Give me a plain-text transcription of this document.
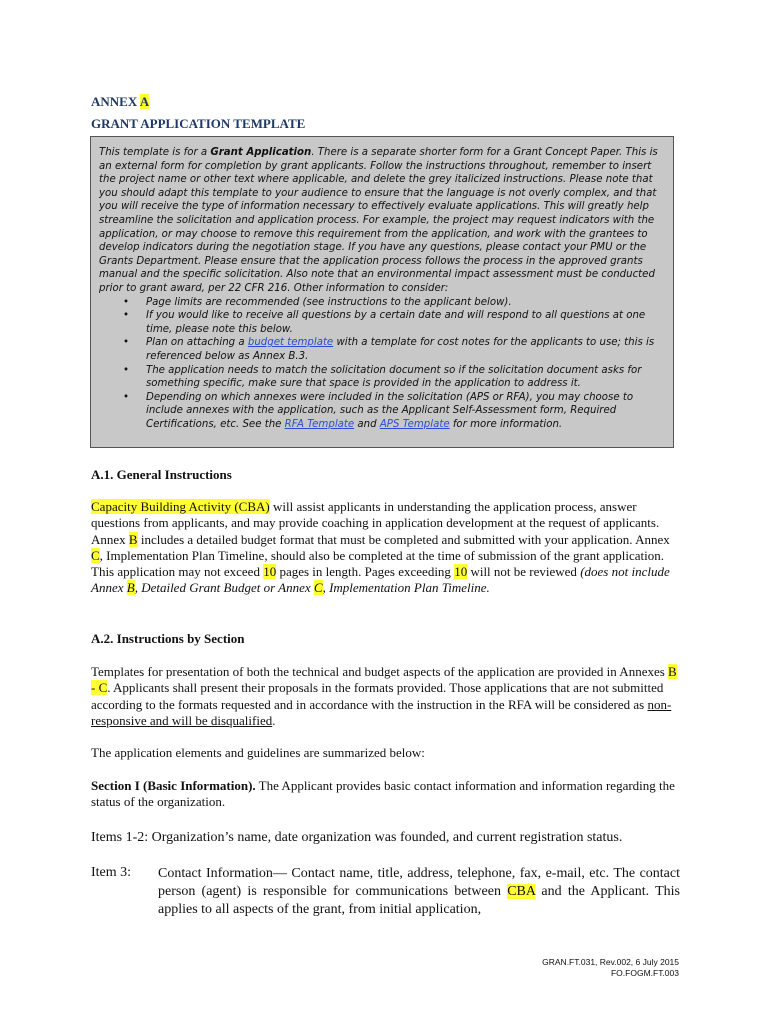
ANNEX A
GRANT APPLICATION TEMPLATE

This template is for a Grant Application. There is a separate shorter form for a Grant Concept Paper. This is an external form for completion by grant applicants. Follow the instructions throughout, remember to insert the project name or other text where applicable, and delete the grey italicized instructions. Please note that you should adapt this template to your audience to ensure that the language is not overly complex, and that you will receive the type of information necessary to effectively evaluate applications. This will greatly help streamline the solicitation and application process. For example, the project may request indicators with the application, or may choose to remove this requirement from the application, and work with the grantees to develop indicators during the negotiation stage. If you have any questions, please contact your PMU or the Grants Department. Please ensure that the application process follows the process in the approved grants manual and the specific solicitation. Also note that an environmental impact assessment must be conducted prior to grant award, per 22 CFR 216. Other information to consider:

• Page limits are recommended (see instructions to the applicant below).
• If you would like to receive all questions by a certain date and will respond to all questions at one time, please note this below.
• Plan on attaching a budget template with a template for cost notes for the applicants to use; this is referenced below as Annex B.3.
• The application needs to match the solicitation document so if the solicitation document asks for something specific, make sure that space is provided in the application to address it.
• Depending on which annexes were included in the solicitation (APS or RFA), you may choose to include annexes with the application, such as the Applicant Self-Assessment form, Required Certifications, etc. See the RFA Template and APS Template for more information.
A.1. General Instructions
Capacity Building Activity (CBA) will assist applicants in understanding the application process, answer questions from applicants, and may provide coaching in application development at the request of applicants. Annex B includes a detailed budget format that must be completed and submitted with your application. Annex C, Implementation Plan Timeline, should also be completed at the time of submission of the grant application. This application may not exceed 10 pages in length. Pages exceeding 10 will not be reviewed (does not include Annex B, Detailed Grant Budget or Annex C, Implementation Plan Timeline.
A.2. Instructions by Section
Templates for presentation of both the technical and budget aspects of the application are provided in Annexes B - C. Applicants shall present their proposals in the formats provided. Those applications that are not submitted according to the formats requested and in accordance with the instruction in the RFA will be considered as non-responsive and will be disqualified.
The application elements and guidelines are summarized below:
Section I (Basic Information). The Applicant provides basic contact information and information regarding the status of the organization.
Items 1-2: Organization’s name, date organization was founded, and current registration status.
Item 3: Contact Information— Contact name, title, address, telephone, fax, e-mail, etc. The contact person (agent) is responsible for communications between CBA and the Applicant. This applies to all aspects of the grant, from initial application,
GRAN.FT.031, Rev.002, 6 July 2015
FO.FOGM.FT.003
